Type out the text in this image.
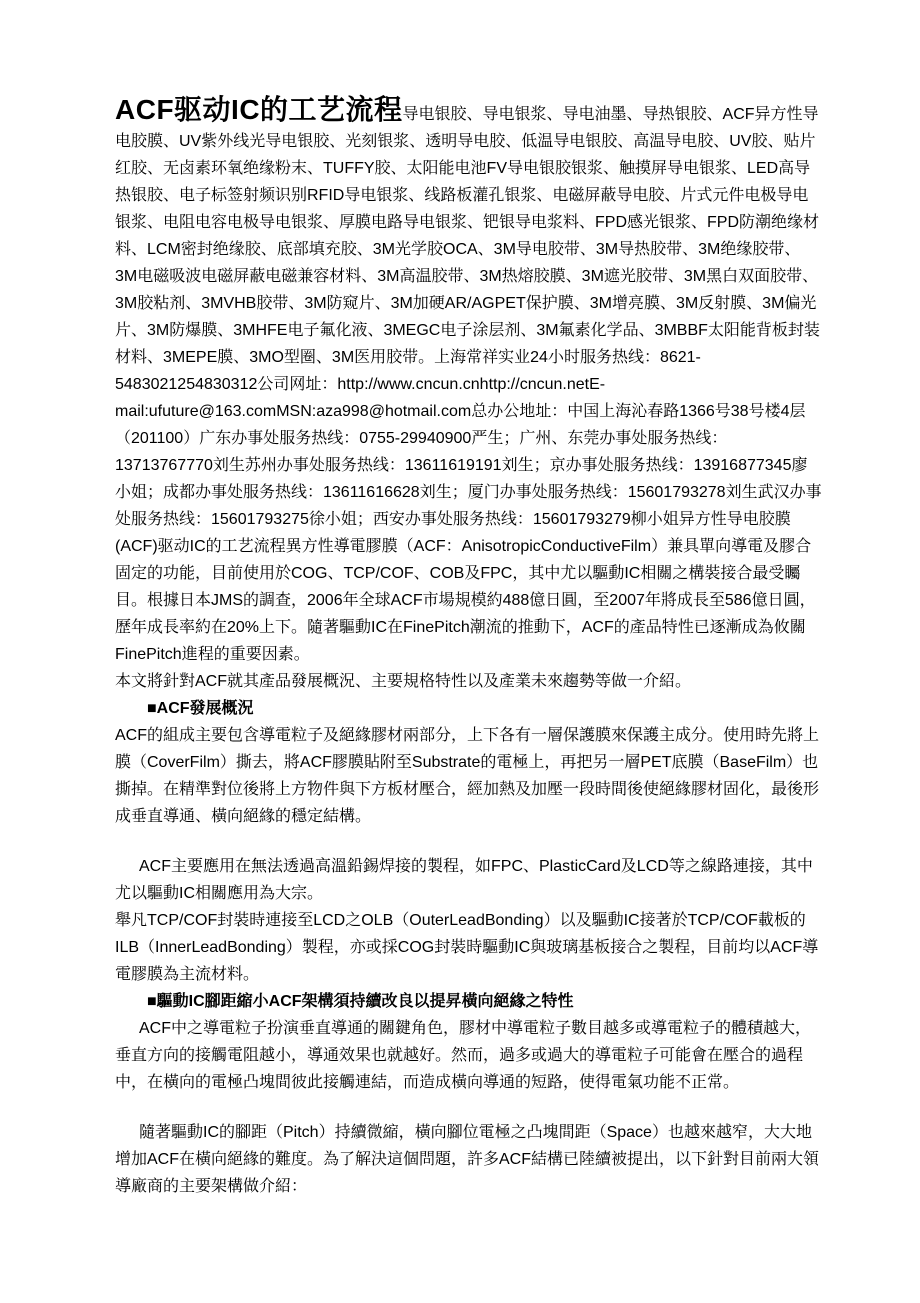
ACF驱动IC的工艺流程导电银胶、导电银浆、导电油墨、导热银胶、ACF异方性导电胶膜、UV紫外线光导电银胶、光刻银浆、透明导电胶、低温导电银胶、高温导电胶、UV胶、贴片红胶、无卤素环氧绝缘粉末、TUFFY胶、太阳能电池FV导电银胶银浆、触摸屏导电银浆、LED高导热银胶、电子标签射频识别RFID导电银浆、线路板灌孔银浆、电磁屏蔽导电胶、片式元件电极导电银浆、电阻电容电极导电银浆、厚膜电路导电银浆、钯银导电浆料、FPD感光银浆、FPD防潮绝缘材料、LCM密封绝缘胶、底部填充胶、3M光学胶OCA、3M导电胶带、3M导热胶带、3M绝缘胶带、3M电磁吸波电磁屏蔽电磁兼容材料、3M高温胶带、3M热熔胶膜、3M遮光胶带、3M黑白双面胶带、3M胶粘剂、3MVHB胶带、3M防窥片、3M加硬AR/AGPET保护膜、3M增亮膜、3M反射膜、3M偏光片、3M防爆膜、3MHFE电子氟化液、3MEGC电子涂层剂、3M氟素化学品、3MBBF太阳能背板封装材料、3MEPE膜、3MO型圈、3M医用胶带。上海常祥实业24小时服务热线：8621-5483021254830312公司网址：http://www.cncun.cnhttp://cncun.netE-mail:ufuture@163.comMSN:aza998@hotmail.com总办公地址：中国上海沁春路1366号38号楼4层（201100）广东办事处服务热线：0755-29940900严生；广州、东莞办事处服务热线：13713767770刘生苏州办事处服务热线：13611619191刘生；京办事处服务热线：13916877345廖小姐；成都办事处服务热线：13611616628刘生；厦门办事处服务热线：15601793278刘生武汉办事处服务热线：15601793275徐小姐；西安办事处服务热线：15601793279柳小姐异方性导电胶膜(ACF)驱动IC的工艺流程異方性導電膠膜（ACF：AnisotropicConductiveFilm）兼具單向導電及膠合固定的功能，目前使用於COG、TCP/COF、COB及FPC，其中尤以驅動IC相關之構裝接合最受矚目。根據日本JMS的調查，2006年全球ACF市場規模約488億日圓，至2007年將成長至586億日圓，歷年成長率約在20%上下。隨著驅動IC在FinePitch潮流的推動下，ACF的產品特性已逐漸成為攸關FinePitch進程的重要因素。

本文將針對ACF就其產品發展概況、主要規格特性以及產業未來趨勢等做一介紹。

■ACF發展概況

ACF的組成主要包含導電粒子及絕緣膠材兩部分，上下各有一層保護膜來保護主成分。使用時先將上膜（CoverFilm）撕去，將ACF膠膜貼附至Substrate的電極上，再把另一層PET底膜（BaseFilm）也撕掉。在精準對位後將上方物件與下方板材壓合，經加熱及加壓一段時間後使絕緣膠材固化，最後形成垂直導通、橫向絕緣的穩定結構。

ACF主要應用在無法透過高溫鉛錫焊接的製程，如FPC、PlasticCard及LCD等之線路連接，其中尤以驅動IC相關應用為大宗。

舉凡TCP/COF封裝時連接至LCD之OLB（OuterLeadBonding）以及驅動IC接著於TCP/COF載板的ILB（InnerLeadBonding）製程，亦或採COG封裝時驅動IC與玻璃基板接合之製程，目前均以ACF導電膠膜為主流材料。

■驅動IC腳距縮小ACF架構須持續改良以提昇橫向絕緣之特性

ACF中之導電粒子扮演垂直導通的關鍵角色，膠材中導電粒子數目越多或導電粒子的體積越大，垂直方向的接觸電阻越小，導通效果也就越好。然而，過多或過大的導電粒子可能會在壓合的過程中，在橫向的電極凸塊間彼此接觸連結，而造成橫向導通的短路，使得電氣功能不正常。

隨著驅動IC的腳距（Pitch）持續微縮，橫向腳位電極之凸塊間距（Space）也越來越窄，大大地增加ACF在橫向絕緣的難度。為了解決這個問題，許多ACF結構已陸續被提出，以下針對目前兩大領導廠商的主要架構做介紹：
